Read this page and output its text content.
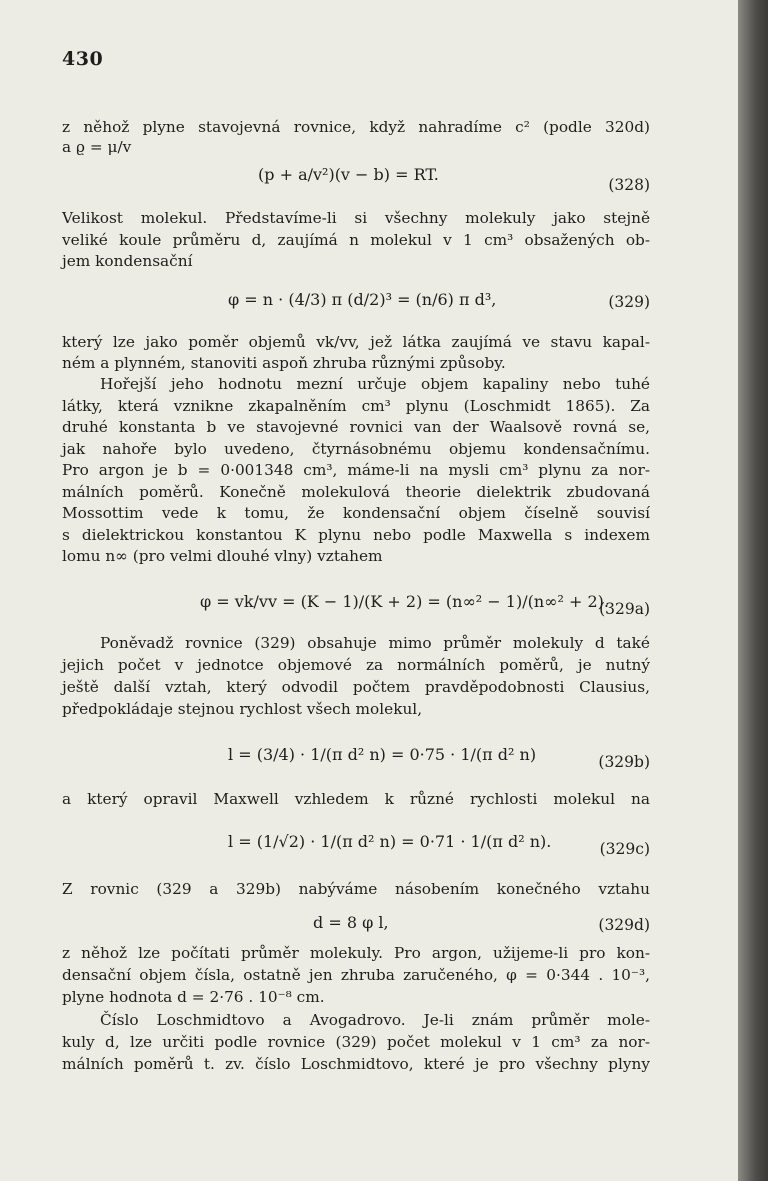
430
z něhož plyne stavojevná rovnice, když nahradíme c² (podle 320d)
a ϱ = μ/v
(p + a/v²)(v − b) = RT.
(328)
Velikost molekul. Představíme-li si všechny molekuly jako stejně
veliké koule průměru d, zaujímá n molekul v 1 cm³ obsažených ob-
jem kondensační
φ = n · (4/3) π (d/2)³ = (n/6) π d³,	(329)
který lze jako poměr objemů vk/vv, jež látka zaujímá ve stavu kapal-
ném a plynném, stanoviti aspoň zhruba různými způsoby.
Hořejší jeho hodnotu mezní určuje objem kapaliny nebo tuhé
látky, která vznikne zkapalněním cm³ plynu (Loschmidt 1865). Za
druhé konstanta b ve stavojevné rovnici van der Waalsově rovná se,
jak nahoře bylo uvedeno, čtyrnásobnému objemu kondensačnímu.
Pro argon je b = 0·001348 cm³, máme-li na mysli cm³ plynu za nor-
málních poměrů. Konečně molekulová theorie dielektrik zbudovaná
Mossottim vede k tomu, že kondensační objem číselně souvisí
s dielektrickou konstantou K plynu nebo podle Maxwella s indexem
lomu n∞ (pro velmi dlouhé vlny) vztahem
φ = vk/vv = (K − 1)/(K + 2) = (n∞² − 1)/(n∞² + 2).
(329a)
Poněvadž rovnice (329) obsahuje mimo průměr molekuly d také
jejich počet v jednotce objemové za normálních poměrů, je nutný
ještě další vztah, který odvodil počtem pravděpodobnosti Clausius,
předpokládaje stejnou rychlost všech molekul,
l = (3/4) · 1/(π d² n) = 0·75 · 1/(π d² n)	(329b)
a který opravil Maxwell vzhledem k různé rychlosti molekul na
l = (1/√2) · 1/(π d² n) = 0·71 · 1/(π d² n).	(329c)
Z rovnic (329 a 329b) nabýváme násobením konečného vztahu
d = 8 φ l,	(329d)
z něhož lze počítati průměr molekuly. Pro argon, užijeme-li pro kon-
densační objem čísla, ostatně jen zhruba zaručeného, φ = 0·344 . 10⁻³,
plyne hodnota d = 2·76 . 10⁻⁸ cm.
Číslo Loschmidtovo a Avogadrovo. Je-li znám průměr mole-
kuly d, lze určiti podle rovnice (329) počet molekul v 1 cm³ za nor-
málních poměrů t. zv. číslo Loschmidtovo, které je pro všechny plyny
